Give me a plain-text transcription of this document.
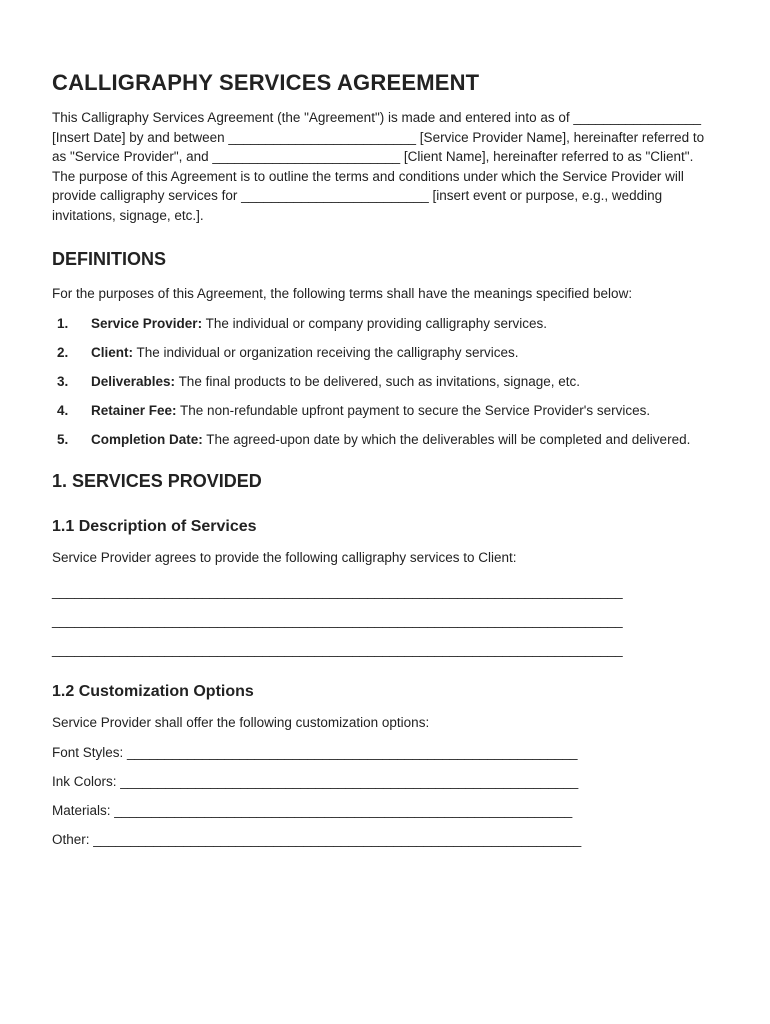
CALLIGRAPHY SERVICES AGREEMENT

This Calligraphy Services Agreement (the "Agreement") is made and entered into as of _________________ [Insert Date] by and between _________________________ [Service Provider Name], hereinafter referred to as "Service Provider", and _________________________ [Client Name], hereinafter referred to as "Client". The purpose of this Agreement is to outline the terms and conditions under which the Service Provider will provide calligraphy services for _________________________ [insert event or purpose, e.g., wedding invitations, signage, etc.].

DEFINITIONS

For the purposes of this Agreement, the following terms shall have the meanings specified below:

1.	Service Provider: The individual or company providing calligraphy services.
2.	Client: The individual or organization receiving the calligraphy services.
3.	Deliverables: The final products to be delivered, such as invitations, signage, etc.
4.	Retainer Fee: The non-refundable upfront payment to secure the Service Provider's services.
5.	Completion Date: The agreed-upon date by which the deliverables will be completed and delivered.
1. SERVICES PROVIDED
1.1 Description of Services

Service Provider agrees to provide the following calligraphy services to Client:

____________________________________________________________________________
____________________________________________________________________________
____________________________________________________________________________
1.2 Customization Options

Service Provider shall offer the following customization options:

Font Styles: ____________________________________________________________
Ink Colors: _____________________________________________________________
Materials: _____________________________________________________________
Other: _________________________________________________________________
